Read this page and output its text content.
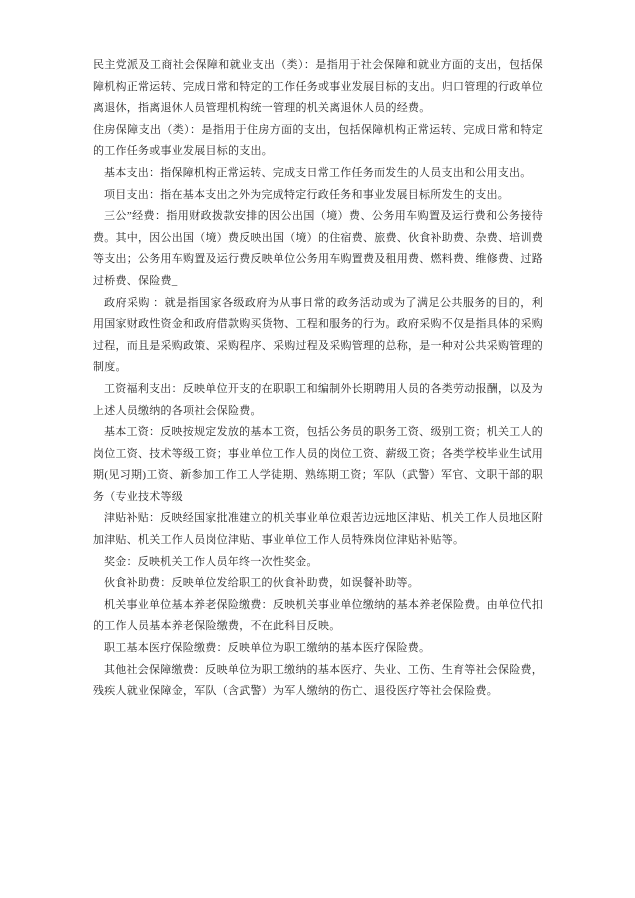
民主党派及工商社会保障和就业支出（类）：是指用于社会保障和就业方面的支出，包括保障机构正常运转、完成日常和特定的工作任务或事业发展目标的支出。归口管理的行政单位离退休，指离退休人员管理机构统一管理的机关离退休人员的经费。

住房保障支出（类）：是指用于住房方面的支出，包括保障机构正常运转、完成日常和特定的工作任务或事业发展目标的支出。

基本支出：指保障机构正常运转、完成支日常工作任务而发生的人员支出和公用支出。

项目支出：指在基本支出之外为完成特定行政任务和事业发展目标所发生的支出。

三公”经费：指用财政拨款安排的因公出国（境）费、公务用车购置及运行费和公务接待费。其中，因公出国（境）费反映出国（境）的住宿费、旅费、伙食补助费、杂费、培训费等支出；公务用车购置及运行费反映单位公务用车购置费及租用费、燃料费、维修费、过路过桥费、保险费_

政府采购 ：就是指国家各级政府为从事日常的政务活动或为了满足公共服务的目的，利用国家财政性资金和政府借款购买货物、工程和服务的行为。政府采购不仅是指具体的采购过程，而且是采购政策、采购程序、采购过程及采购管理的总称，是一种对公共采购管理的制度。

工资福利支出：反映单位开支的在职职工和编制外长期聘用人员的各类劳动报酬，以及为上述人员缴纳的各项社会保险费。

基本工资：反映按规定发放的基本工资，包括公务员的职务工资、级别工资；机关工人的岗位工资、技术等级工资；事业单位工作人员的岗位工资、薪级工资；各类学校毕业生试用期(见习期)工资、新参加工作工人学徒期、熟练期工资；军队（武警）军官、文职干部的职务（专业技术等级

津贴补贴：反映经国家批准建立的机关事业单位艰苦边远地区津贴、机关工作人员地区附加津贴、机关工作人员岗位津贴、事业单位工作人员特殊岗位津贴补贴等。

奖金：反映机关工作人员年终一次性奖金。

伙食补助费：反映单位发给职工的伙食补助费，如误餐补助等。

机关事业单位基本养老保险缴费：反映机关事业单位缴纳的基本养老保险费。由单位代扣的工作人员基本养老保险缴费，不在此科目反映。

职工基本医疗保险缴费：反映单位为职工缴纳的基本医疗保险费。

其他社会保障缴费：反映单位为职工缴纳的基本医疗、失业、工伤、生育等社会保险费，残疾人就业保障金，军队（含武警）为军人缴纳的伤亡、退役医疗等社会保险费。
